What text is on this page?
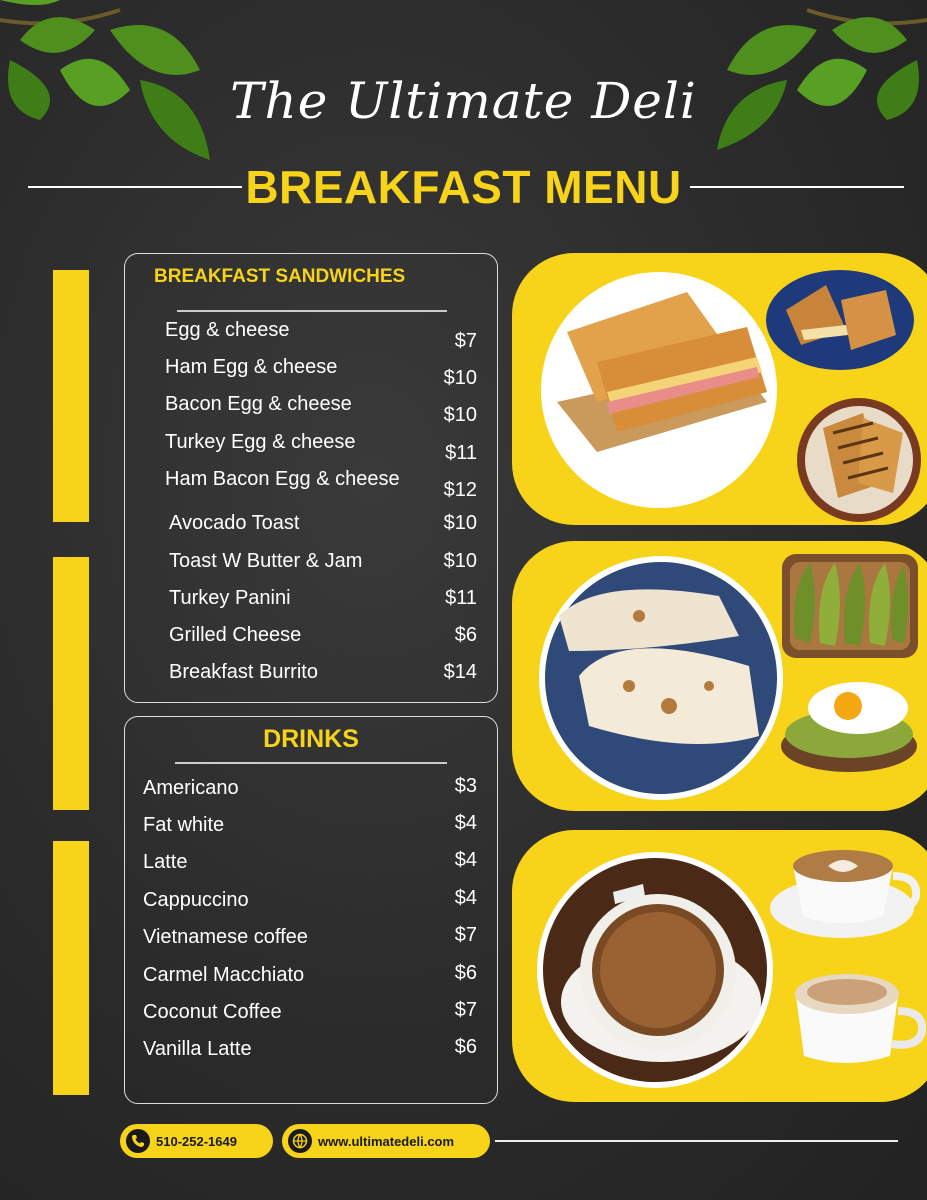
The Ultimate Deli
BREAKFAST MENU
BREAKFAST SANDWICHES
Egg & cheese	$7
Ham Egg & cheese	$10
Bacon Egg & cheese	$10
Turkey Egg & cheese	$11
Ham Bacon Egg & cheese $12
Avocado Toast	$10
Toast W Butter & Jam	$10
Turkey Panini	$11
Grilled Cheese	$6
Breakfast Burrito	$14
DRINKS
Americano	$3
Fat white	$4
Latte	$4
Cappuccino	$4
Vietnamese coffee	$7
Carmel Macchiato	$6
Coconut Coffee	$7
Vanilla Latte	$6
510-252-1649	www.ultimatedeli.com
